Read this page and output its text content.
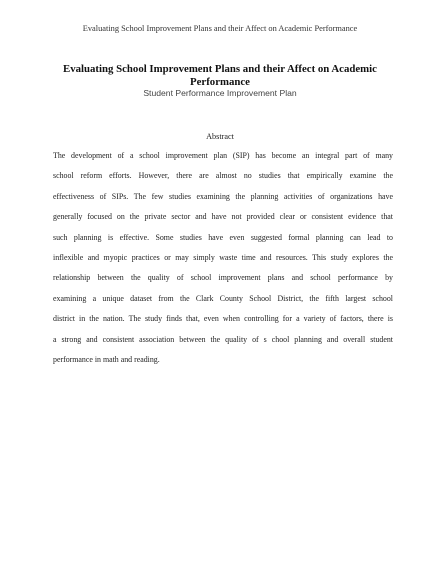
Evaluating School Improvement Plans and their Affect on Academic Performance
Evaluating School Improvement Plans and their Affect on Academic Performance
Student Performance Improvement Plan
Abstract
The development of a school improvement plan (SIP) has become an integral part of many
school reform efforts. However, there are almost no studies that empirically examine the
effectiveness of SIPs. The few studies examining the planning activities of organizations have
generally focused on the private sector and have not provided clear or consistent evidence that
such planning is effective. Some studies have even suggested formal planning can lead to
inflexible and myopic practices or may simply waste time and resources. This study explores the
relationship between the quality of school improvement plans and school performance by
examining a unique dataset from the Clark County School District, the fifth largest school
district in the nation. The study finds that, even when controlling for a variety of factors, there is
a strong and consistent association between the quality of s chool planning and overall student
performance in math and reading.
